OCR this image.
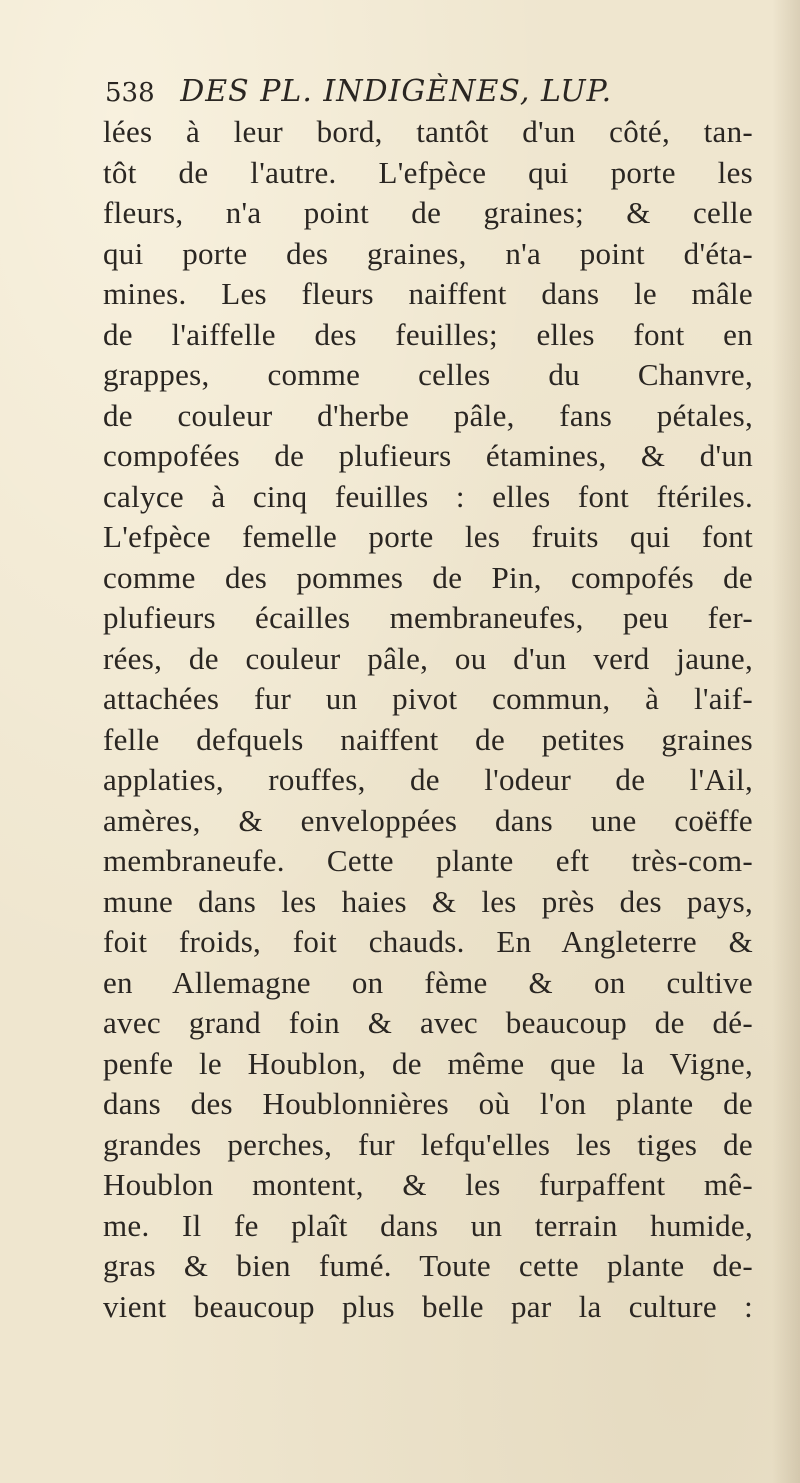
538 DES PL. INDIGÈNES, LUP.
lées à leur bord, tantôt d'un côté, tan-
tôt de l'autre. L'efpèce qui porte les
fleurs, n'a point de graines; & celle
qui porte des graines, n'a point d'éta-
mines. Les fleurs naiffent dans le mâle
de l'aiffelle des feuilles; elles font en
grappes, comme celles du Chanvre,
de couleur d'herbe pâle, fans pétales,
compofées de plufieurs étamines, & d'un
calyce à cinq feuilles : elles font ftériles.
L'efpèce femelle porte les fruits qui font
comme des pommes de Pin, compofés de
plufieurs écailles membraneufes, peu fer-
rées, de couleur pâle, ou d'un verd jaune,
attachées fur un pivot commun, à l'aif-
felle defquels naiffent de petites graines
applaties, rouffes, de l'odeur de l'Ail,
amères, & enveloppées dans une coëffe
membraneufe. Cette plante eft très-com-
mune dans les haies & les près des pays,
foit froids, foit chauds. En Angleterre &
en Allemagne on fème & on cultive
avec grand foin & avec beaucoup de dé-
penfe le Houblon, de même que la Vigne,
dans des Houblonnières où l'on plante de
grandes perches, fur lefqu'elles les tiges de
Houblon montent, & les furpaffent mê-
me. Il fe plaît dans un terrain humide,
gras & bien fumé. Toute cette plante de-
vient beaucoup plus belle par la culture :
